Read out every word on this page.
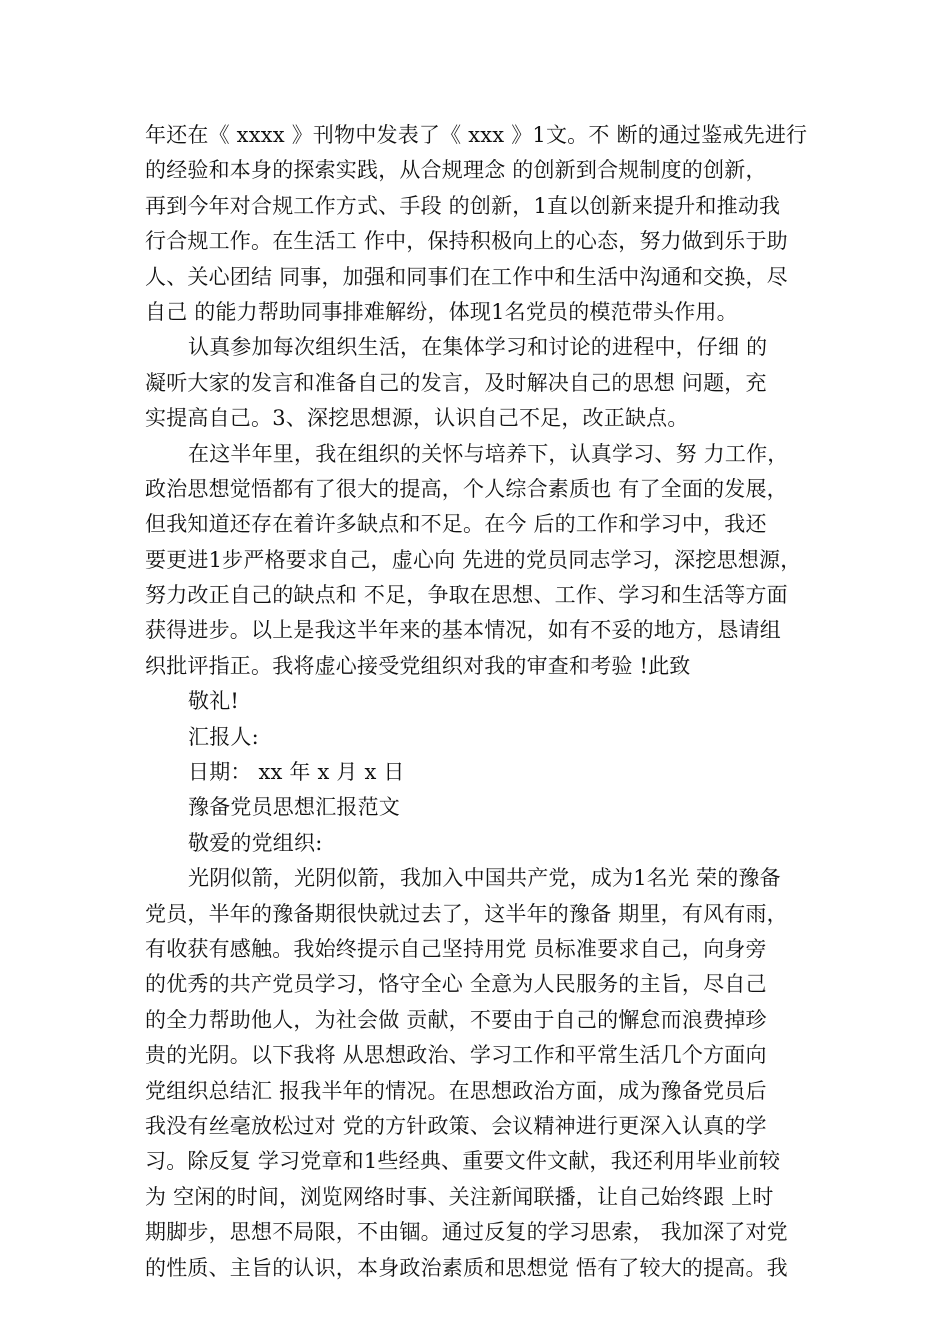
年还在《 xxxx 》刊物中发表了《 xxx 》1文。不 断的通过鉴戒先进行
的经验和本身的探索实践，从合规理念 的创新到合规制度的创新，
再到今年对合规工作方式、手段 的创新，1直以创新来提升和推动我
行合规工作。在生活工 作中，保持积极向上的心态，努力做到乐于助
人、关心团结 同事，加强和同事们在工作中和生活中沟通和交换，尽
自己 的能力帮助同事排难解纷，体现1名党员的模范带头作用。
认真参加每次组织生活，在集体学习和讨论的进程中，仔细 的
凝听大家的发言和准备自己的发言，及时解决自己的思想 问题，充
实提高自己。3、深挖思想源，认识自己不足，改正缺点。
在这半年里，我在组织的关怀与培养下，认真学习、努 力工作，
政治思想觉悟都有了很大的提高，个人综合素质也 有了全面的发展，
但我知道还存在着许多缺点和不足。在今 后的工作和学习中，我还
要更进1步严格要求自己，虚心向 先进的党员同志学习，深挖思想源，
努力改正自己的缺点和 不足，争取在思想、工作、学习和生活等方面
获得进步。以上是我这半年来的基本情况，如有不妥的地方，恳请组
织批评指正。我将虚心接受党组织对我的审查和考验 !此致
敬礼!
汇报人:
日期： xx 年 x 月 x 日
豫备党员思想汇报范文
敬爱的党组织:
光阴似箭，光阴似箭，我加入中国共产党，成为1名光 荣的豫备
党员，半年的豫备期很快就过去了，这半年的豫备 期里，有风有雨，
有收获有感触。我始终提示自己坚持用党 员标准要求自己，向身旁
的优秀的共产党员学习，恪守全心 全意为人民服务的主旨，尽自己
的全力帮助他人，为社会做 贡献，不要由于自己的懈怠而浪费掉珍
贵的光阴。以下我将 从思想政治、学习工作和平常生活几个方面向
党组织总结汇 报我半年的情况。在思想政治方面，成为豫备党员后
我没有丝毫放松过对 党的方针政策、会议精神进行更深入认真的学
习。除反复 学习党章和1些经典、重要文件文献，我还利用毕业前较
为 空闲的时间，浏览网络时事、关注新闻联播，让自己始终跟 上时
期脚步，思想不局限，不由锢。通过反复的学习思索， 我加深了对党
的性质、主旨的认识，本身政治素质和思想觉 悟有了较大的提高。我
